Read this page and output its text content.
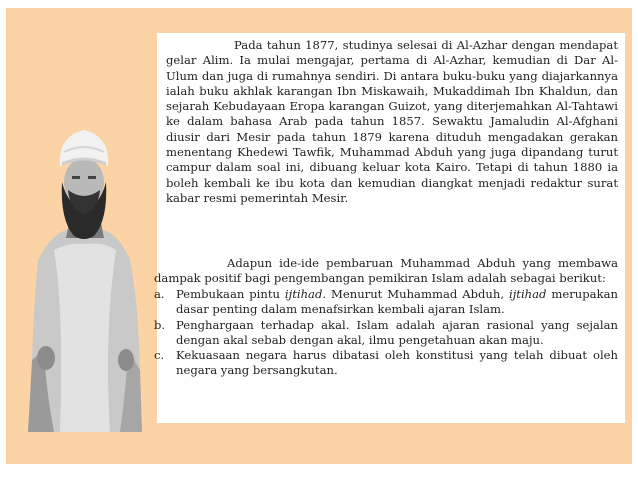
Pada tahun 1877, studinya selesai di Al-Azhar dengan mendapat gelar Alim. Ia mulai mengajar, pertama di Al-Azhar, kemudian di Dar Al-Ulum dan juga di rumahnya sendiri. Di antara buku-buku yang diajarkannya ialah buku akhlak karangan Ibn Miskawaih, Mukaddimah Ibn Khaldun, dan sejarah Kebudayaan Eropa karangan Guizot, yang diterjemahkan Al-Tahtawi ke dalam bahasa Arab pada tahun 1857. Sewaktu Jamaludin Al-Afghani diusir dari Mesir pada tahun 1879 karena dituduh mengadakan gerakan menentang Khedewi Tawfik, Muhammad Abduh yang juga dipandang turut campur dalam soal ini, dibuang keluar kota Kairo. Tetapi di tahun 1880 ia boleh kembali ke ibu kota dan kemudian diangkat menjadi redaktur surat kabar resmi pemerintah Mesir.

Adapun ide-ide pembaruan Muhammad Abduh yang membawa dampak positif bagi pengembangan pemikiran Islam adalah sebagai berikut:

a. Pembukaan pintu ijtihad. Menurut Muhammad Abduh, ijtihad merupakan dasar penting dalam menafsirkan kembali ajaran Islam.
b. Penghargaan terhadap akal. Islam adalah ajaran rasional yang sejalan dengan akal sebab dengan akal, ilmu pengetahuan akan maju.
c. Kekuasaan negara harus dibatasi oleh konstitusi yang telah dibuat oleh negara yang bersangkutan.
